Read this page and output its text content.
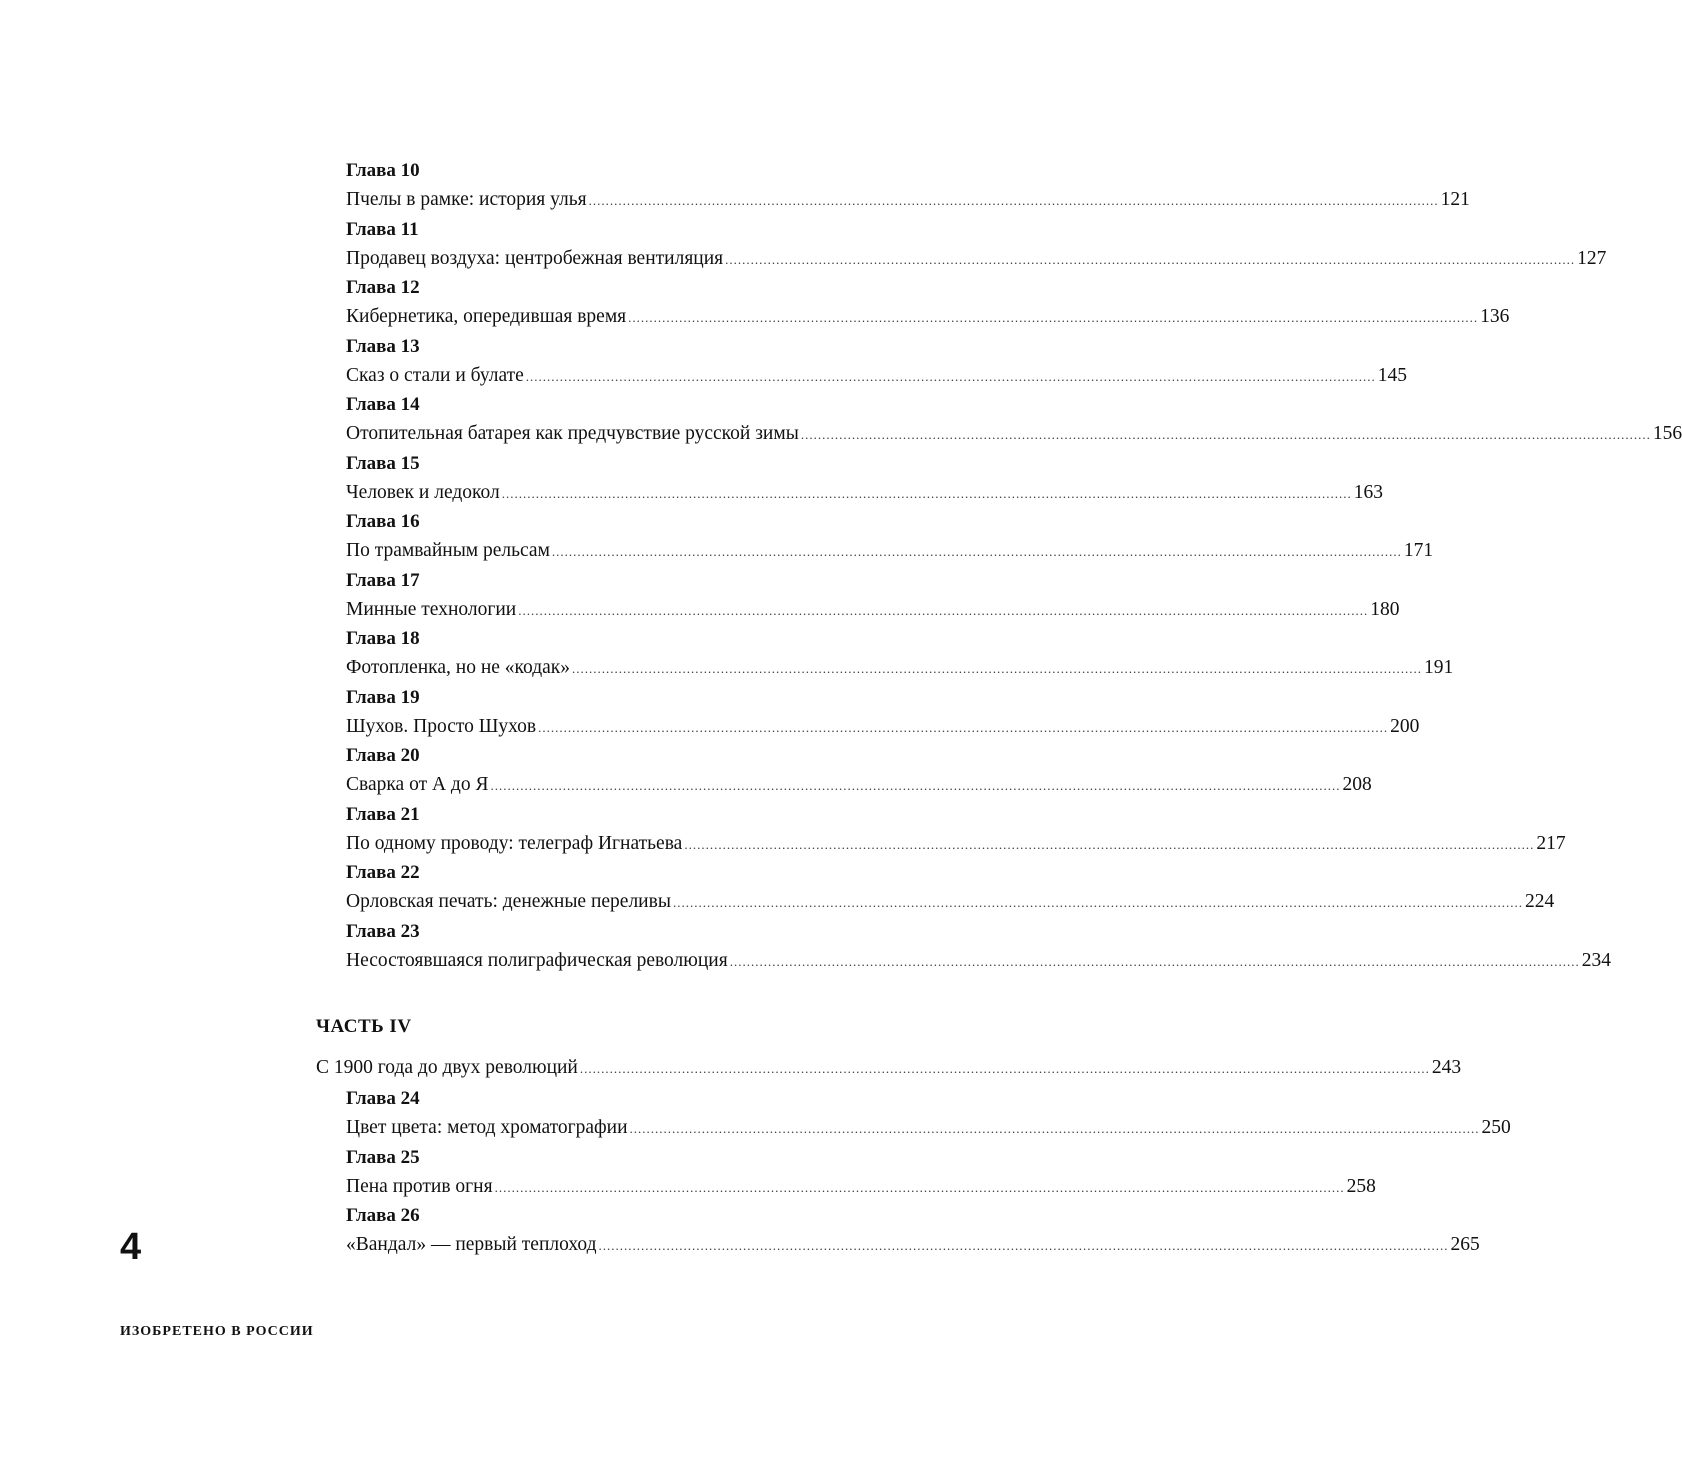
Глава 10
Пчелы в рамке: история улья ........................................................................................................................................................................................................ 121
Глава 11
Продавец воздуха: центробежная вентиляция ........................................................................................................................................................................................................ 127
Глава 12
Кибернетика, опередившая время ........................................................................................................................................................................................................ 136
Глава 13
Сказ о стали и булате ........................................................................................................................................................................................................ 145
Глава 14
Отопительная батарея как предчувствие русской зимы ........................................................................................................................................................................................................ 156
Глава 15
Человек и ледокол ........................................................................................................................................................................................................ 163
Глава 16
По трамвайным рельсам ........................................................................................................................................................................................................ 171
Глава 17
Минные технологии ........................................................................................................................................................................................................ 180
Глава 18
Фотопленка, но не «кодак» ........................................................................................................................................................................................................ 191
Глава 19
Шухов. Просто Шухов ........................................................................................................................................................................................................ 200
Глава 20
Сварка от А до Я ........................................................................................................................................................................................................ 208
Глава 21
По одному проводу: телеграф Игнатьева ........................................................................................................................................................................................................ 217
Глава 22
Орловская печать: денежные переливы ........................................................................................................................................................................................................ 224
Глава 23
Несостоявшаяся полиграфическая революция ........................................................................................................................................................................................................ 234
ЧАСТЬ IV
С 1900 года до двух революций ........................................................................................................................................................................................................ 243
Глава 24
Цвет цвета: метод хроматографии ........................................................................................................................................................................................................ 250
Глава 25
Пена против огня ........................................................................................................................................................................................................ 258
Глава 26
«Вандал» — первый теплоход ........................................................................................................................................................................................................ 265
4
ИЗОБРЕТЕНО В РОССИИ
